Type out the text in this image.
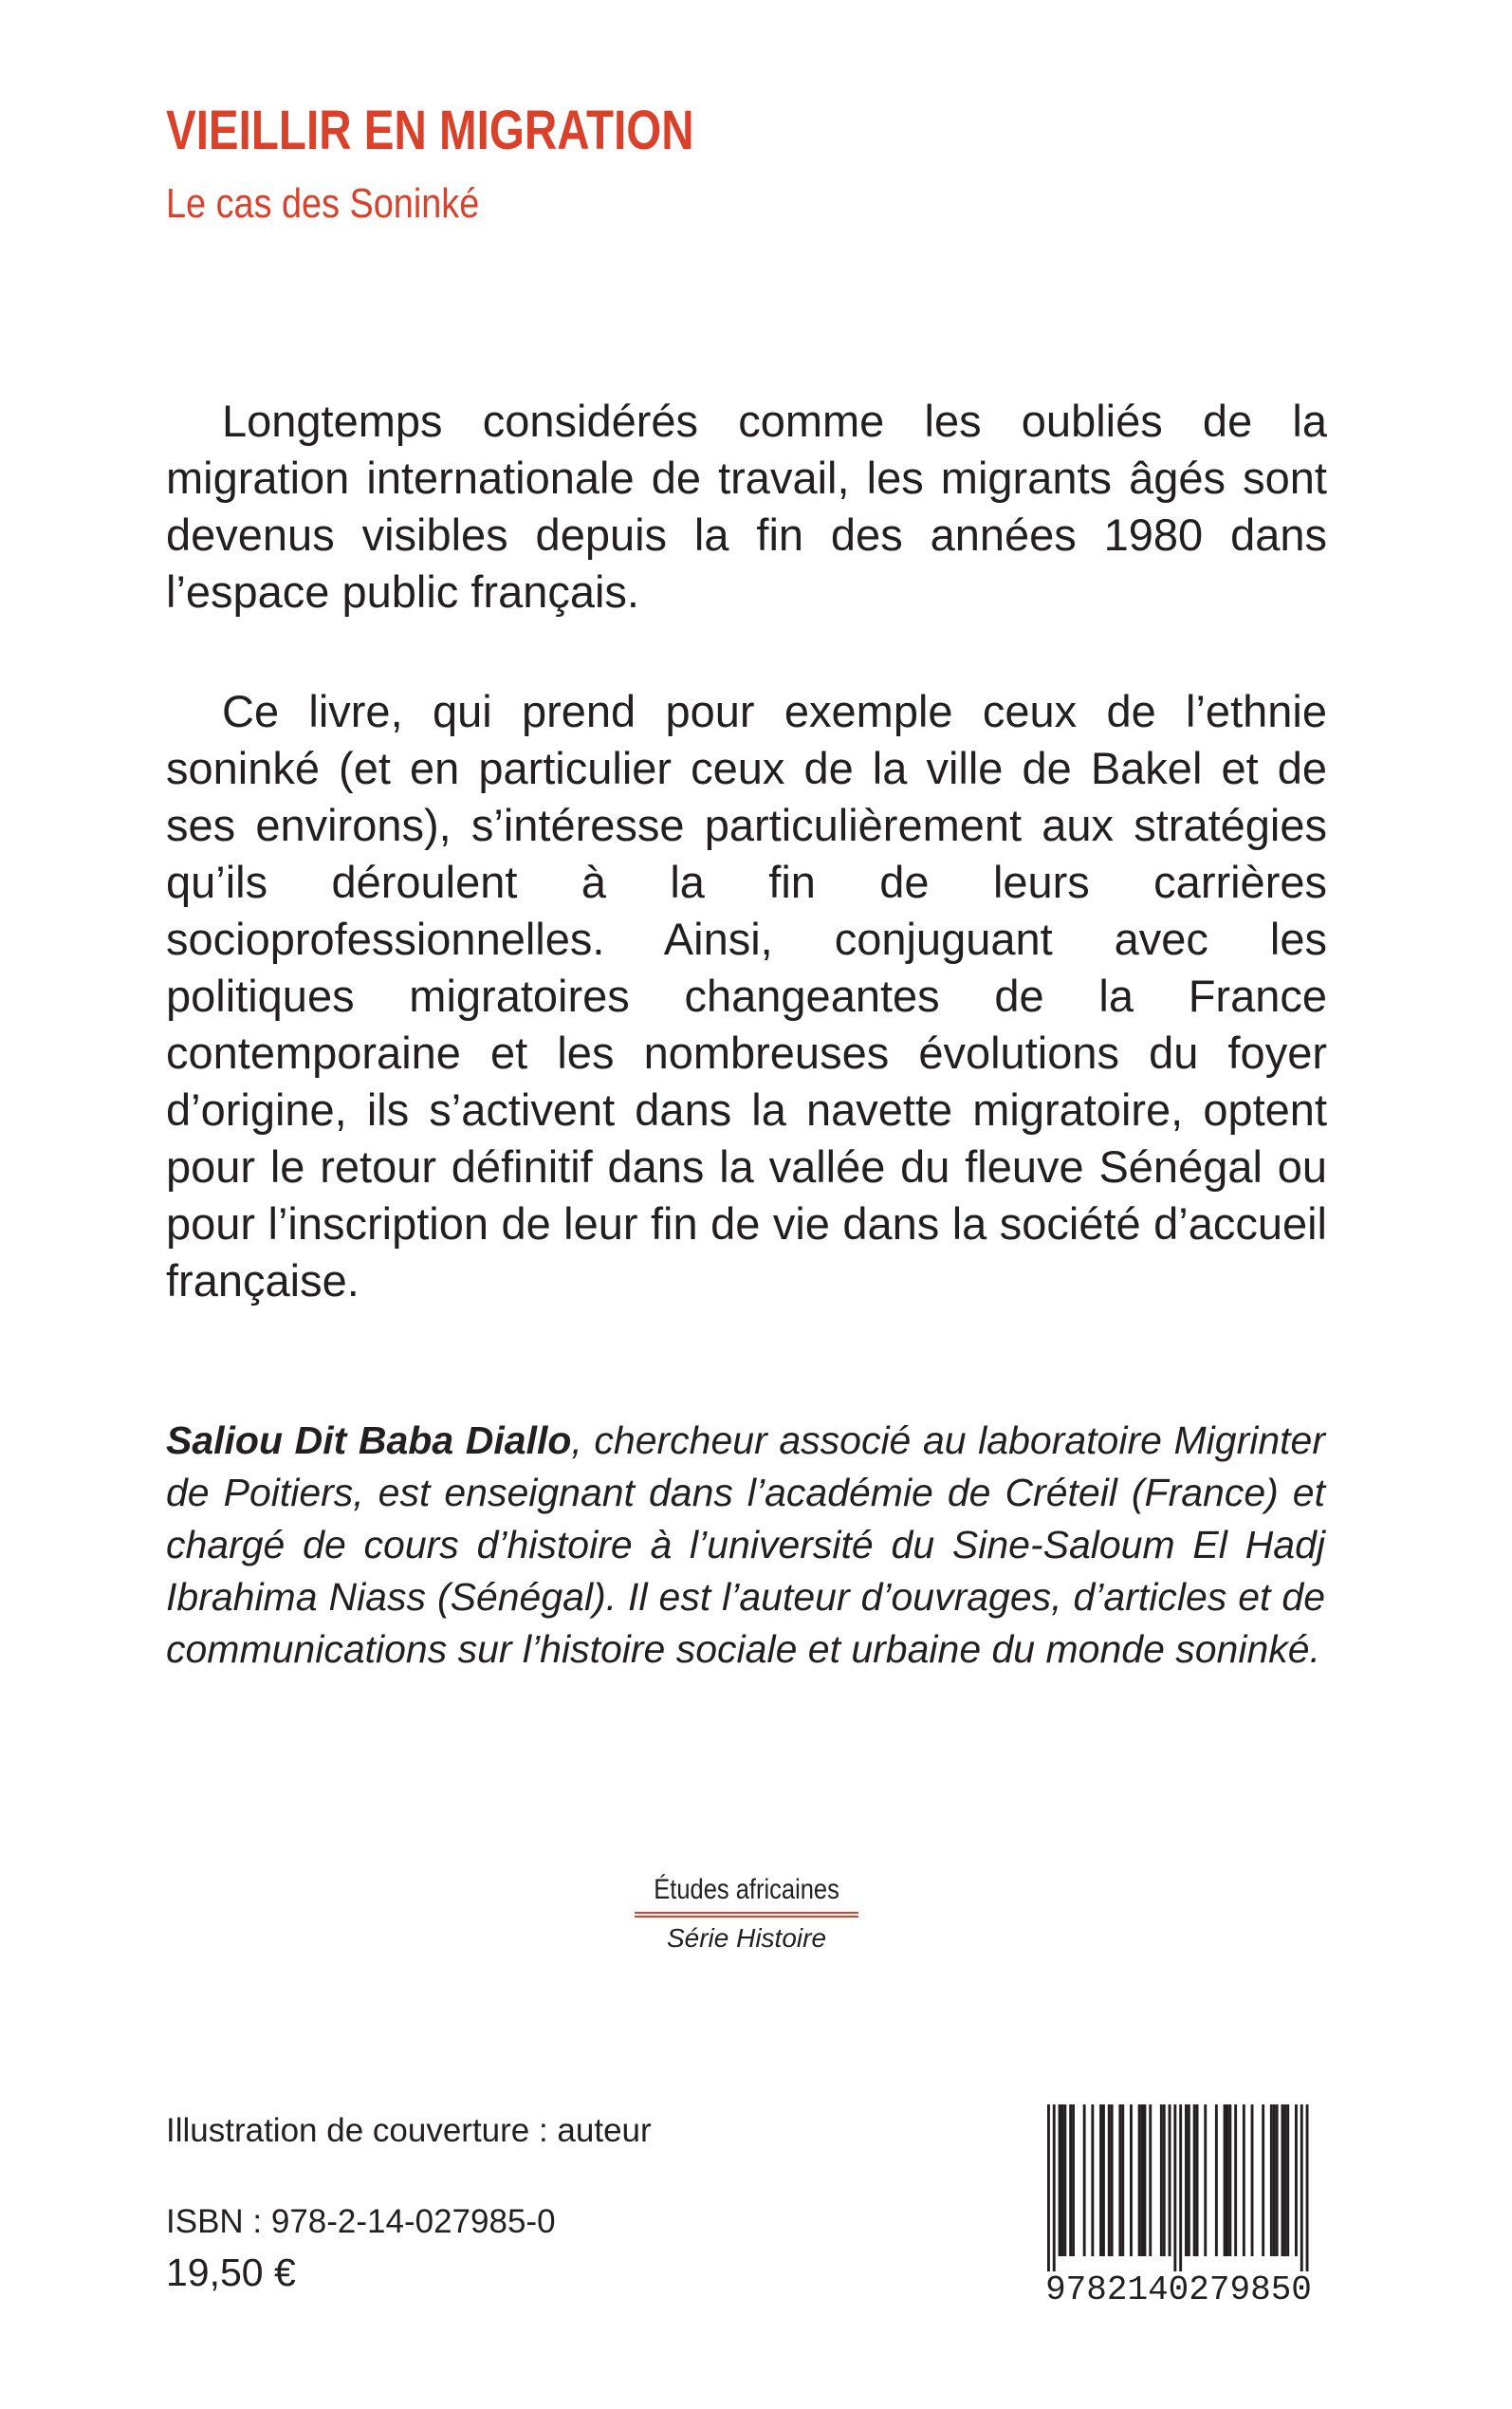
VIEILLIR EN MIGRATION
Le cas des Soninké

Longtemps considérés comme les oubliés de la migration internationale de travail, les migrants âgés sont devenus visibles depuis la fin des années 1980 dans l’espace public français.

Ce livre, qui prend pour exemple ceux de l’ethnie soninké (et en particulier ceux de la ville de Bakel et de ses environs), s’intéresse particulièrement aux stratégies qu’ils déroulent à la fin de leurs carrières socioprofessionnelles. Ainsi, conjuguant avec les politiques migratoires changeantes de la France contemporaine et les nombreuses évolutions du foyer d’origine, ils s’activent dans la navette migratoire, optent pour le retour définitif dans la vallée du fleuve Sénégal ou pour l’inscription de leur fin de vie dans la société d’accueil française.

Saliou Dit Baba Diallo, chercheur associé au laboratoire Migrinter de Poitiers, est enseignant dans l’académie de Créteil (France) et chargé de cours d’histoire à l’université du Sine-Saloum El Hadj Ibrahima Niass (Sénégal). Il est l’auteur d’ouvrages, d’articles et de communications sur l’histoire sociale et urbaine du monde soninké.

Études africaines
Série Histoire
Illustration de couverture : auteur
ISBN : 978-2-14-027985-0
19,50 €	9782140279850
